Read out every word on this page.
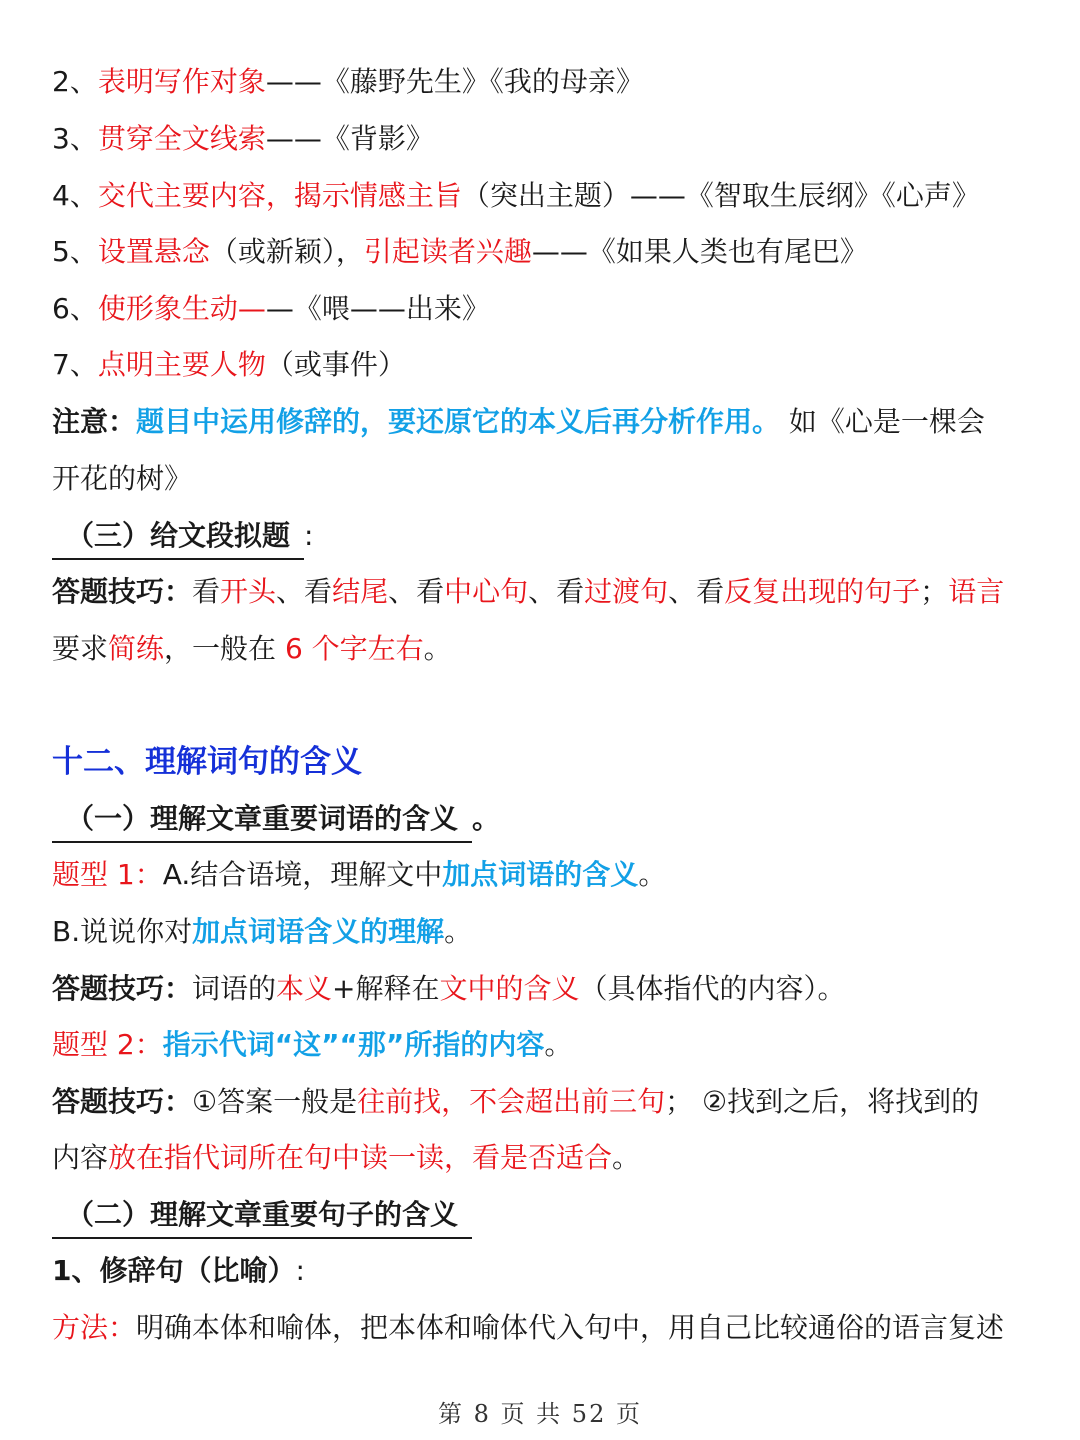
2、表明写作对象——《藤野先生》《我的母亲》
3、贯穿全文线索——《背影》
4、交代主要内容，揭示情感主旨（突出主题）——《智取生辰纲》《心声》
5、设置悬念（或新颖），引起读者兴趣——《如果人类也有尾巴》
6、使形象生动——《喂——出来》
7、点明主要人物（或事件）
注意：题目中运用修辞的，要还原它的本义后再分析作用。 如《心是一棵会
开花的树》
（三）给文段拟题 :
答题技巧：看开头、看结尾、看中心句、看过渡句、看反复出现的句子；语言
要求简练，一般在 6 个字左右。
十二、理解词句的含义
（一）理解文章重要词语的含义 。
题型 1：A.结合语境，理解文中加点词语的含义。
B.说说你对加点词语含义的理解。
答题技巧：词语的本义+解释在文中的含义（具体指代的内容）。
题型 2：指示代词“这”“那”所指的内容。
答题技巧：①答案一般是往前找，不会超出前三句； ②找到之后，将找到的
内容放在指代词所在句中读一读，看是否适合。
（二）理解文章重要句子的含义
1、修辞句（比喻）:
方法：明确本体和喻体，把本体和喻体代入句中，用自己比较通俗的语言复述
第 8 页 共 52 页
